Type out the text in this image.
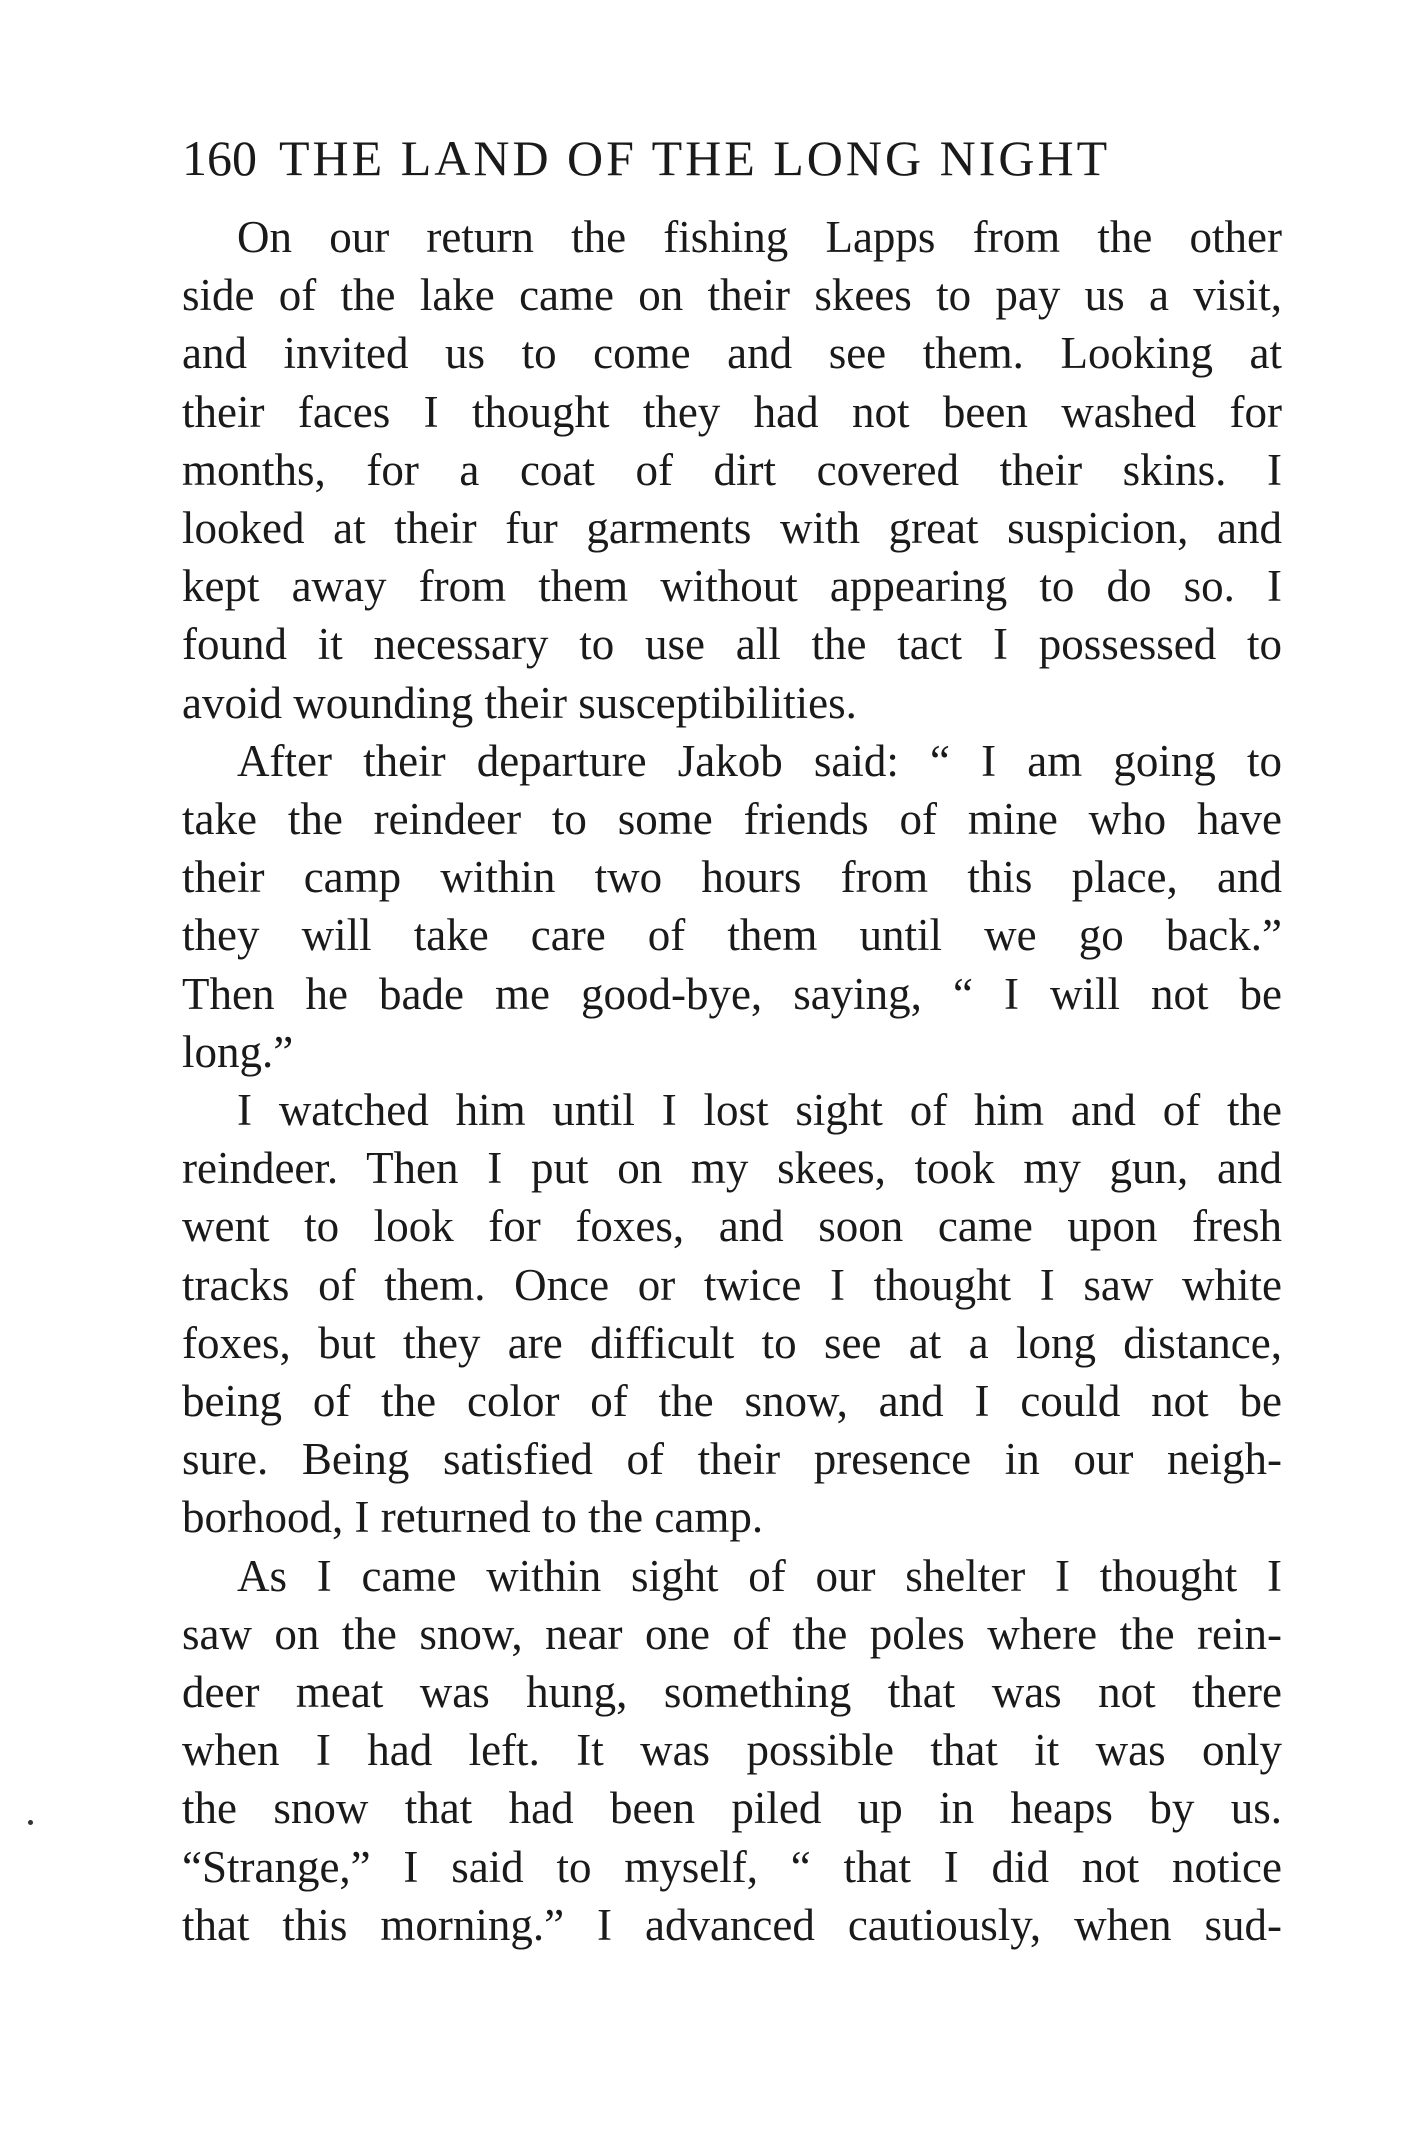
160 THE LAND OF THE LONG NIGHT
On our return the fishing Lapps from the other
side of the lake came on their skees to pay us a visit,
and invited us to come and see them. Looking at
their faces I thought they had not been washed for
months, for a coat of dirt covered their skins. I
looked at their fur garments with great suspicion, and
kept away from them without appearing to do so. I
found it necessary to use all the tact I possessed to
avoid wounding their susceptibilities.
After their departure Jakob said: “ I am going to
take the reindeer to some friends of mine who have
their camp within two hours from this place, and
they will take care of them until we go back.”
Then he bade me good-bye, saying, “ I will not be
long.”
I watched him until I lost sight of him and of the
reindeer. Then I put on my skees, took my gun, and
went to look for foxes, and soon came upon fresh
tracks of them. Once or twice I thought I saw white
foxes, but they are difficult to see at a long distance,
being of the color of the snow, and I could not be
sure. Being satisfied of their presence in our neigh-
borhood, I returned to the camp.
As I came within sight of our shelter I thought I
saw on the snow, near one of the poles where the rein-
deer meat was hung, something that was not there
when I had left. It was possible that it was only
the snow that had been piled up in heaps by us.
“Strange,” I said to myself, “ that I did not notice
that this morning.” I advanced cautiously, when sud-
